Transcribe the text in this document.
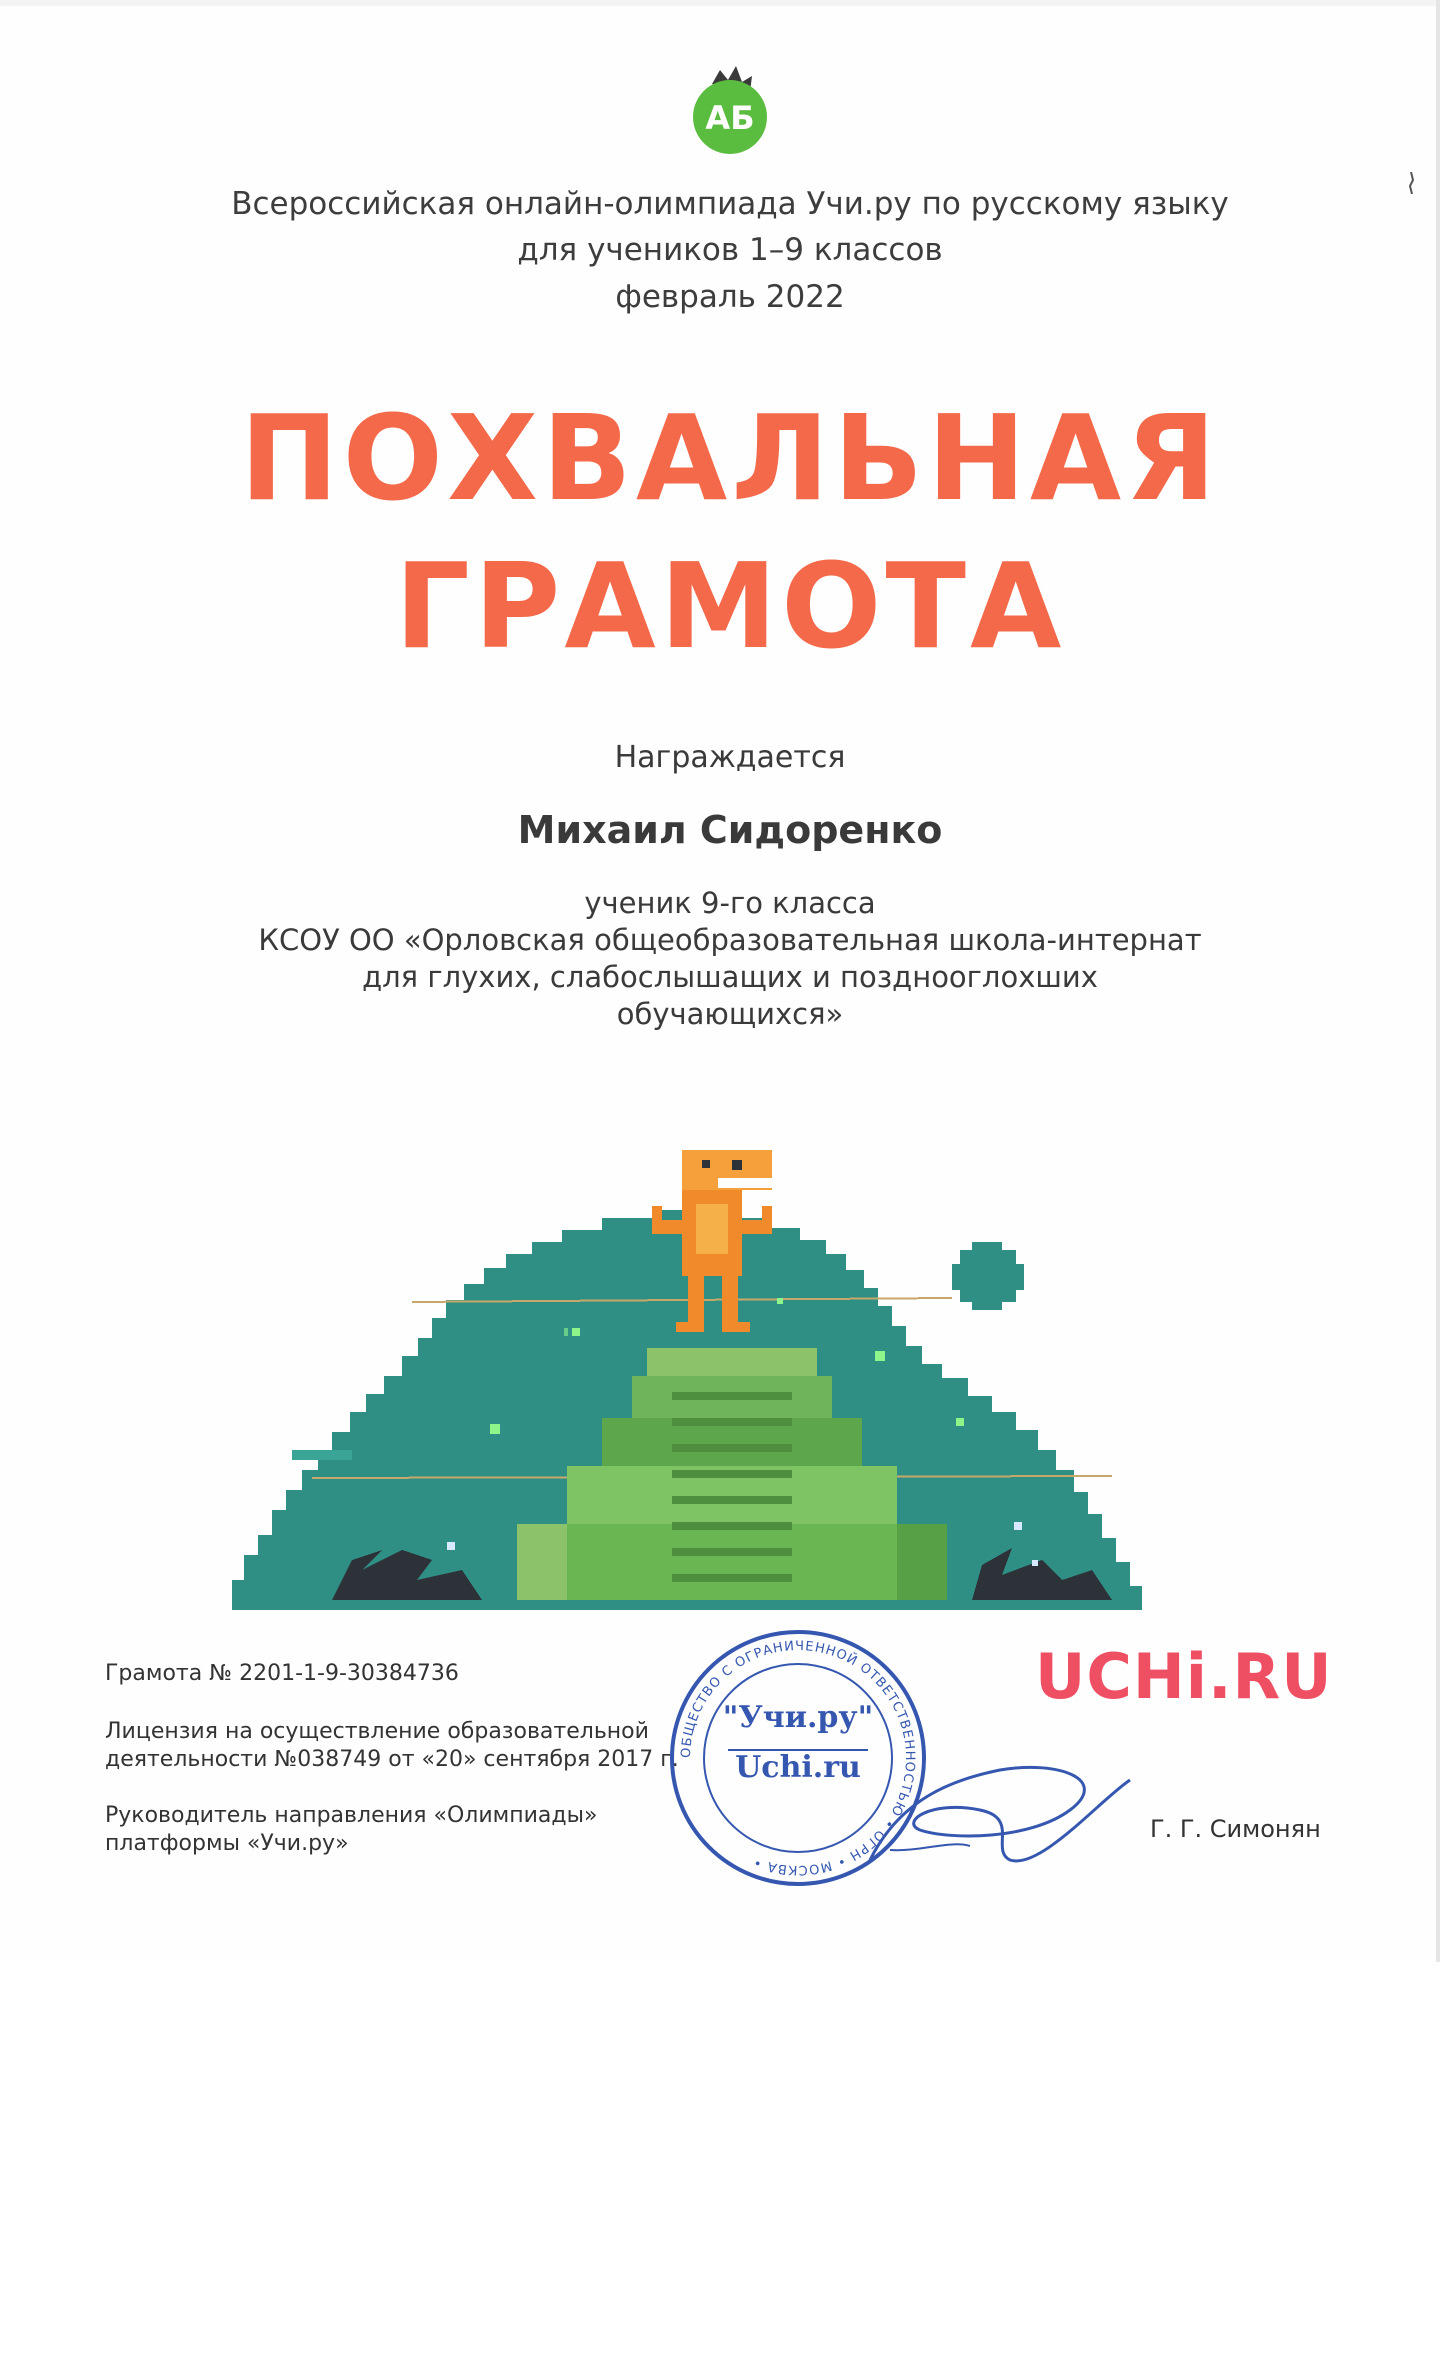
АБ
Всероссийская онлайн-олимпиада Учи.ру по русскому языку
для учеников 1–9 классов
февраль 2022
ПОХВАЛЬНАЯ
ГРАМОТА
Награждается
Михаил Сидоренко
ученик 9-го класса
КСОУ ОО «Орловская общеобразовательная школа-интернат
для глухих, слабослышащих и позднооглохших
обучающихся»
Грамота № 2201-1-9-30384736
Лицензия на осуществление образовательной
деятельности №038749 от «20» сентября 2017 г.
Руководитель направления «Олимпиады»
платформы «Учи.ру»
Г. Г. Симонян
UCHi.RU
ОБЩЕСТВО С ОГРАНИЧЕННОЙ ОТВЕТСТВЕННОСТЬЮ • ОГРН • МОСКВА •
"Учи.ру"
Uchi.ru
